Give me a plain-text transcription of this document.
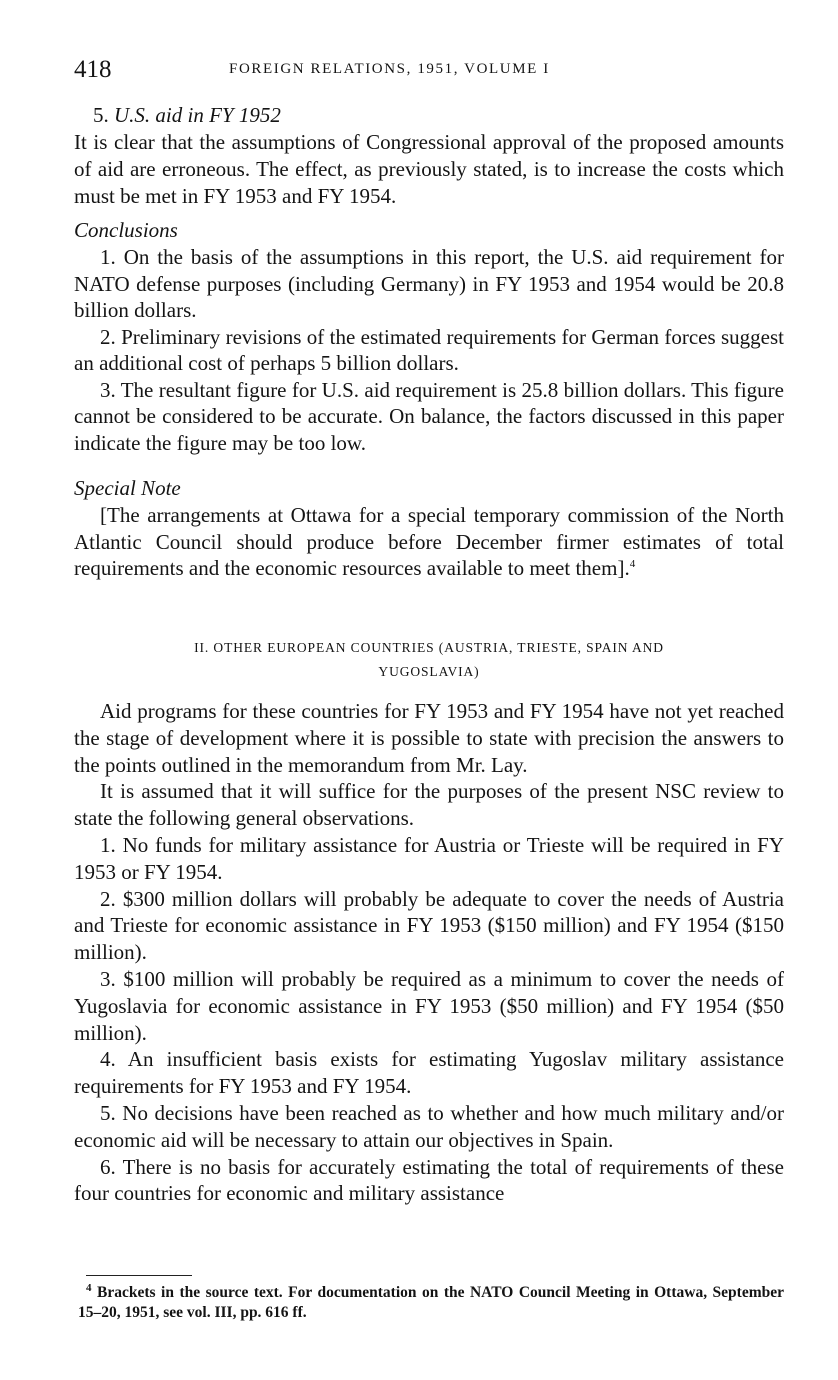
418	FOREIGN RELATIONS, 1951, VOLUME I
5. U.S. aid in FY 1952

It is clear that the assumptions of Congressional approval of the proposed amounts of aid are erroneous. The effect, as previously stated, is to increase the costs which must be met in FY 1953 and FY 1954.

Conclusions

1. On the basis of the assumptions in this report, the U.S. aid requirement for NATO defense purposes (including Germany) in FY 1953 and 1954 would be 20.8 billion dollars.

2. Preliminary revisions of the estimated requirements for German forces suggest an additional cost of perhaps 5 billion dollars.

3. The resultant figure for U.S. aid requirement is 25.8 billion dollars. This figure cannot be considered to be accurate. On balance, the factors discussed in this paper indicate the figure may be too low.

Special Note

[The arrangements at Ottawa for a special temporary commission of the North Atlantic Council should produce before December firmer estimates of total requirements and the economic resources available to meet them].$^4$

II. OTHER EUROPEAN COUNTRIES (AUSTRIA, TRIESTE, SPAIN AND
YUGOSLAVIA)

Aid programs for these countries for FY 1953 and FY 1954 have not yet reached the stage of development where it is possible to state with precision the answers to the points outlined in the memorandum from Mr. Lay.

It is assumed that it will suffice for the purposes of the present NSC review to state the following general observations.

1. No funds for military assistance for Austria or Trieste will be required in FY 1953 or FY 1954.

2. $300 million dollars will probably be adequate to cover the needs of Austria and Trieste for economic assistance in FY 1953 ($150 million) and FY 1954 ($150 million).

3. $100 million will probably be required as a minimum to cover the needs of Yugoslavia for economic assistance in FY 1953 ($50 million) and FY 1954 ($50 million).

4. An insufficient basis exists for estimating Yugoslav military assistance requirements for FY 1953 and FY 1954.

5. No decisions have been reached as to whether and how much military and/or economic aid will be necessary to attain our objectives in Spain.

6. There is no basis for accurately estimating the total of requirements of these four countries for economic and military assistance

$^4$ Brackets in the source text. For documentation on the NATO Council Meeting in Ottawa, September 15–20, 1951, see vol. III, pp. 616 ff.
